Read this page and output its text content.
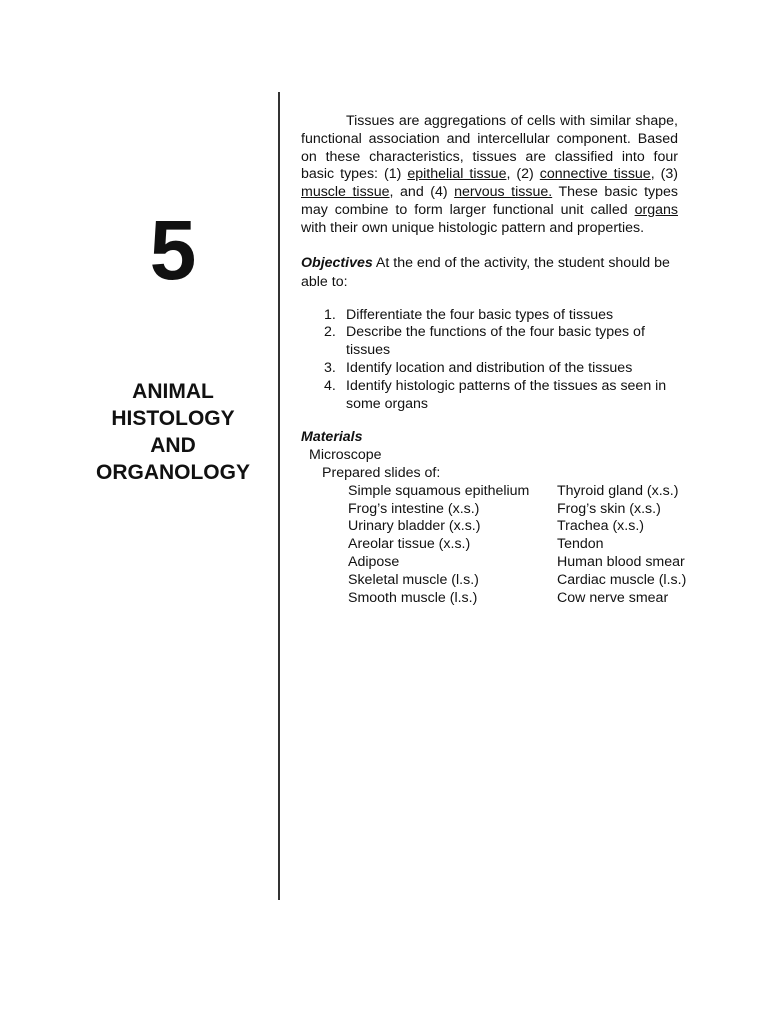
5
ANIMAL
HISTOLOGY
AND
ORGANOLOGY

Tissues are aggregations of cells with similar shape, functional association and intercellular component. Based on these characteristics, tissues are classified into four basic types: (1) epithelial tissue, (2) connective tissue, (3) muscle tissue, and (4) nervous tissue. These basic types may combine to form larger functional unit called organs with their own unique histologic pattern and properties.

Objectives At the end of the activity, the student should be able to:

1. Differentiate the four basic types of tissues
2. Describe the functions of the four basic types of tissues
3. Identify location and distribution of the tissues
4. Identify histologic patterns of the tissues as seen in some organs
Materials
Microscope
Prepared slides of:
Simple squamous epithelium	Thyroid gland (x.s.)
Frog’s intestine (x.s.)	Frog’s skin (x.s.)
Urinary bladder (x.s.)	Trachea (x.s.)
Areolar tissue (x.s.)	Tendon
Adipose	Human blood smear
Skeletal muscle (l.s.)	Cardiac muscle (l.s.)
Smooth muscle (l.s.)	Cow nerve smear
